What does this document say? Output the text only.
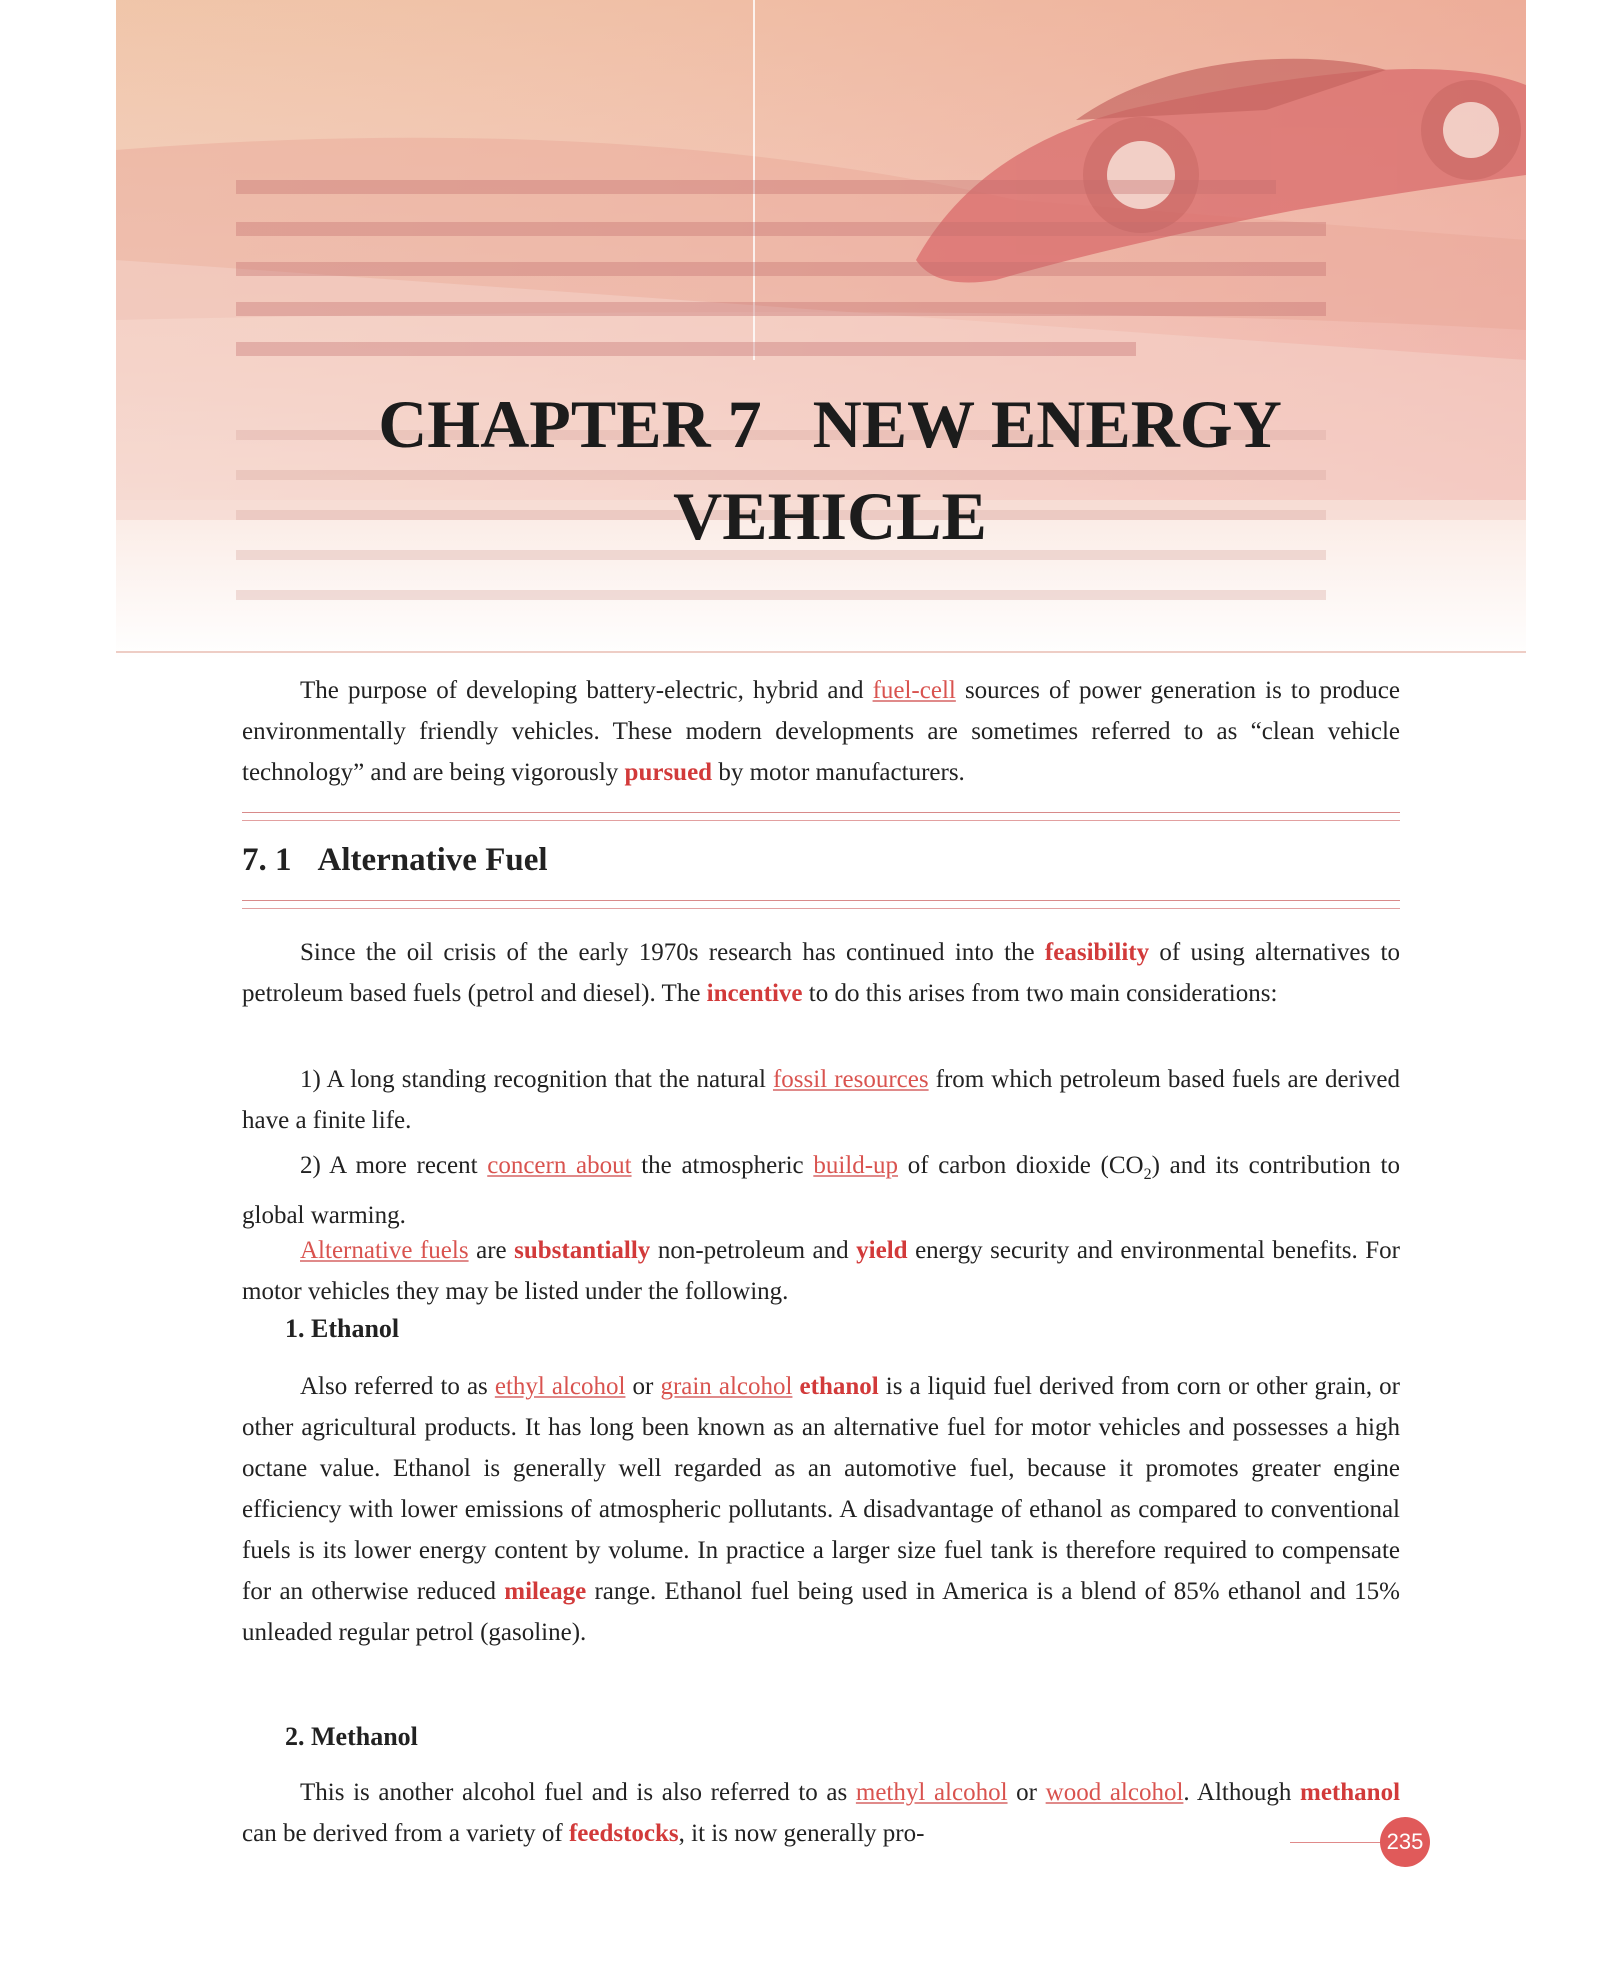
CHAPTER 7   NEW ENERGY
VEHICLE

The purpose of developing battery-electric, hybrid and fuel-cell sources of power generation is to produce environmentally friendly vehicles. These modern developments are sometimes referred to as “clean vehicle technology” and are being vigorously pursued by motor manufacturers.

7. 1 Alternative Fuel

Since the oil crisis of the early 1970s research has continued into the feasibility of using alternatives to petroleum based fuels (petrol and diesel). The incentive to do this arises from two main considerations:

1) A long standing recognition that the natural fossil resources from which petroleum based fuels are derived have a finite life.

2) A more recent concern about the atmospheric build-up of carbon dioxide $(CO_2)$ and its contribution to global warming.

Alternative fuels are substantially non-petroleum and yield energy security and environmental benefits. For motor vehicles they may be listed under the following.

1. Ethanol

Also referred to as ethyl alcohol or grain alcohol ethanol is a liquid fuel derived from corn or other grain, or other agricultural products. It has long been known as an alternative fuel for motor vehicles and possesses a high octane value. Ethanol is generally well regarded as an automotive fuel, because it promotes greater engine efficiency with lower emissions of atmospheric pollutants. A disadvantage of ethanol as compared to conventional fuels is its lower energy content by volume. In practice a larger size fuel tank is therefore required to compensate for an otherwise reduced mileage range. Ethanol fuel being used in America is a blend of 85% ethanol and 15% unleaded regular petrol (gasoline).

2. Methanol

This is another alcohol fuel and is also referred to as methyl alcohol or wood alcohol. Although methanol can be derived from a variety of feedstocks, it is now generally pro-	235
